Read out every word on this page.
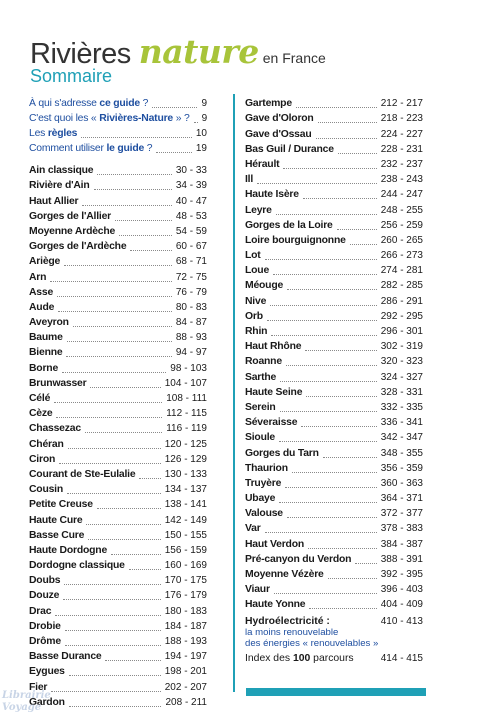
Rivières nature en France
Sommaire
À qui s'adresse ce guide ?	9
C'est quoi les « Rivières-Nature » ? 9
Les règles	10
Comment utiliser le guide ?	19
Ain classique	30 - 33
Rivière d'Ain	34 - 39
Haut Allier	40 - 47
Gorges de l'Allier	48 - 53
Moyenne Ardèche	54 - 59
Gorges de l'Ardèche	60 - 67
Ariège	68 - 71
Arn	72 - 75
Asse	76 - 79
Aude	80 - 83
Aveyron	84 - 87
Baume	88 - 93
Bienne	94 - 97
Borne	98 - 103
Brunwasser	104 - 107
Célé	108 - 111
Cèze	112 - 115
Chassezac	116 - 119
Chéran	120 - 125
Ciron	126 - 129
Courant de Ste-Eulalie	130 - 133
Cousin	134 - 137
Petite Creuse	138 - 141
Haute Cure	142 - 149
Basse Cure	150 - 155
Haute Dordogne	156 - 159
Dordogne classique	160 - 169
Doubs	170 - 175
Douze	176 - 179
Drac	180 - 183
Drobie	184 - 187
Drôme	188 - 193
Basse Durance	194 - 197
Eygues	198 - 201
Fier	202 - 207
Gardon	208 - 211
Gartempe	212 - 217
Gave d'Oloron	218 - 223
Gave d'Ossau	224 - 227
Bas Guil / Durance	228 - 231
Hérault	232 - 237
Ill	238 - 243
Haute Isère	244 - 247
Leyre	248 - 255
Gorges de la Loire	256 - 259
Loire bourguignonne	260 - 265
Lot	266 - 273
Loue	274 - 281
Méouge	282 - 285
Nive	286 - 291
Orb	292 - 295
Rhin	296 - 301
Haut Rhône	302 - 319
Roanne	320 - 323
Sarthe	324 - 327
Haute Seine	328 - 331
Serein	332 - 335
Séveraisse	336 - 341
Sioule	342 - 347
Gorges du Tarn	348 - 355
Thaurion	356 - 359
Truyère	360 - 363
Ubaye	364 - 371
Valouse	372 - 377
Var	378 - 383
Haut Verdon	384 - 387
Pré-canyon du Verdon	388 - 391
Moyenne Vézère	392 - 395
Viaur	396 - 403
Haute Yonne	404 - 409
Hydroélectricité :
la moins renouvelable
des énergies « renouvelables »
410 - 413
Index des 100 parcours	414 - 415
Librairie
Voyage
